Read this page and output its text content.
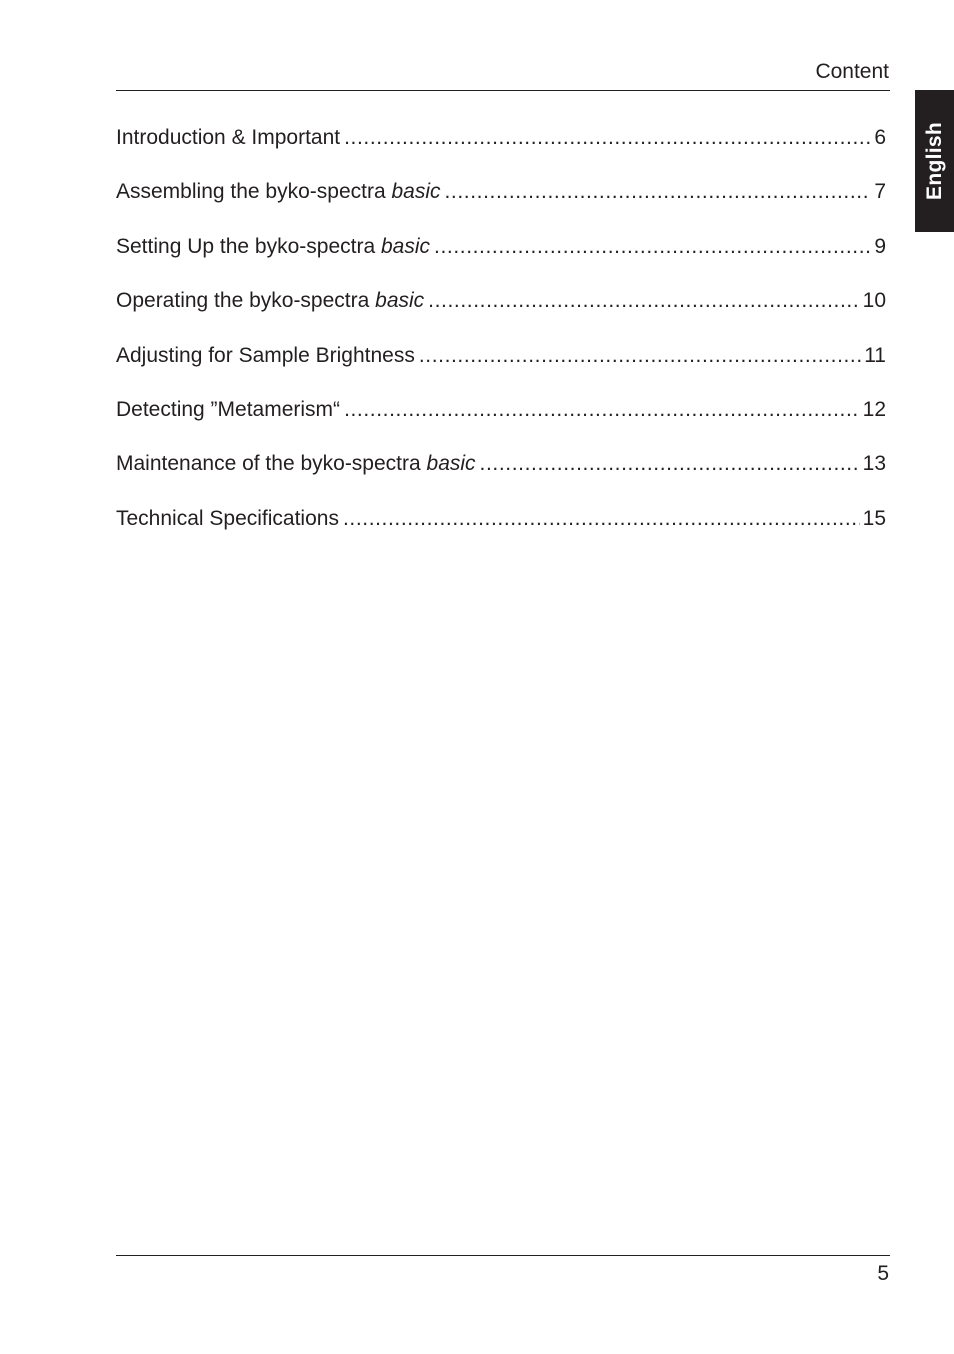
Content
English
Introduction & Important .....	6
Assembling the byko-spectra basic .....	7
Setting Up the byko-spectra basic .....	9
Operating the byko-spectra basic .....	10
Adjusting for Sample Brightness .....	11
Detecting ”Metamerism“ .....	12
Maintenance of the byko-spectra basic .....	13
Technical Specifications .....	15
5
